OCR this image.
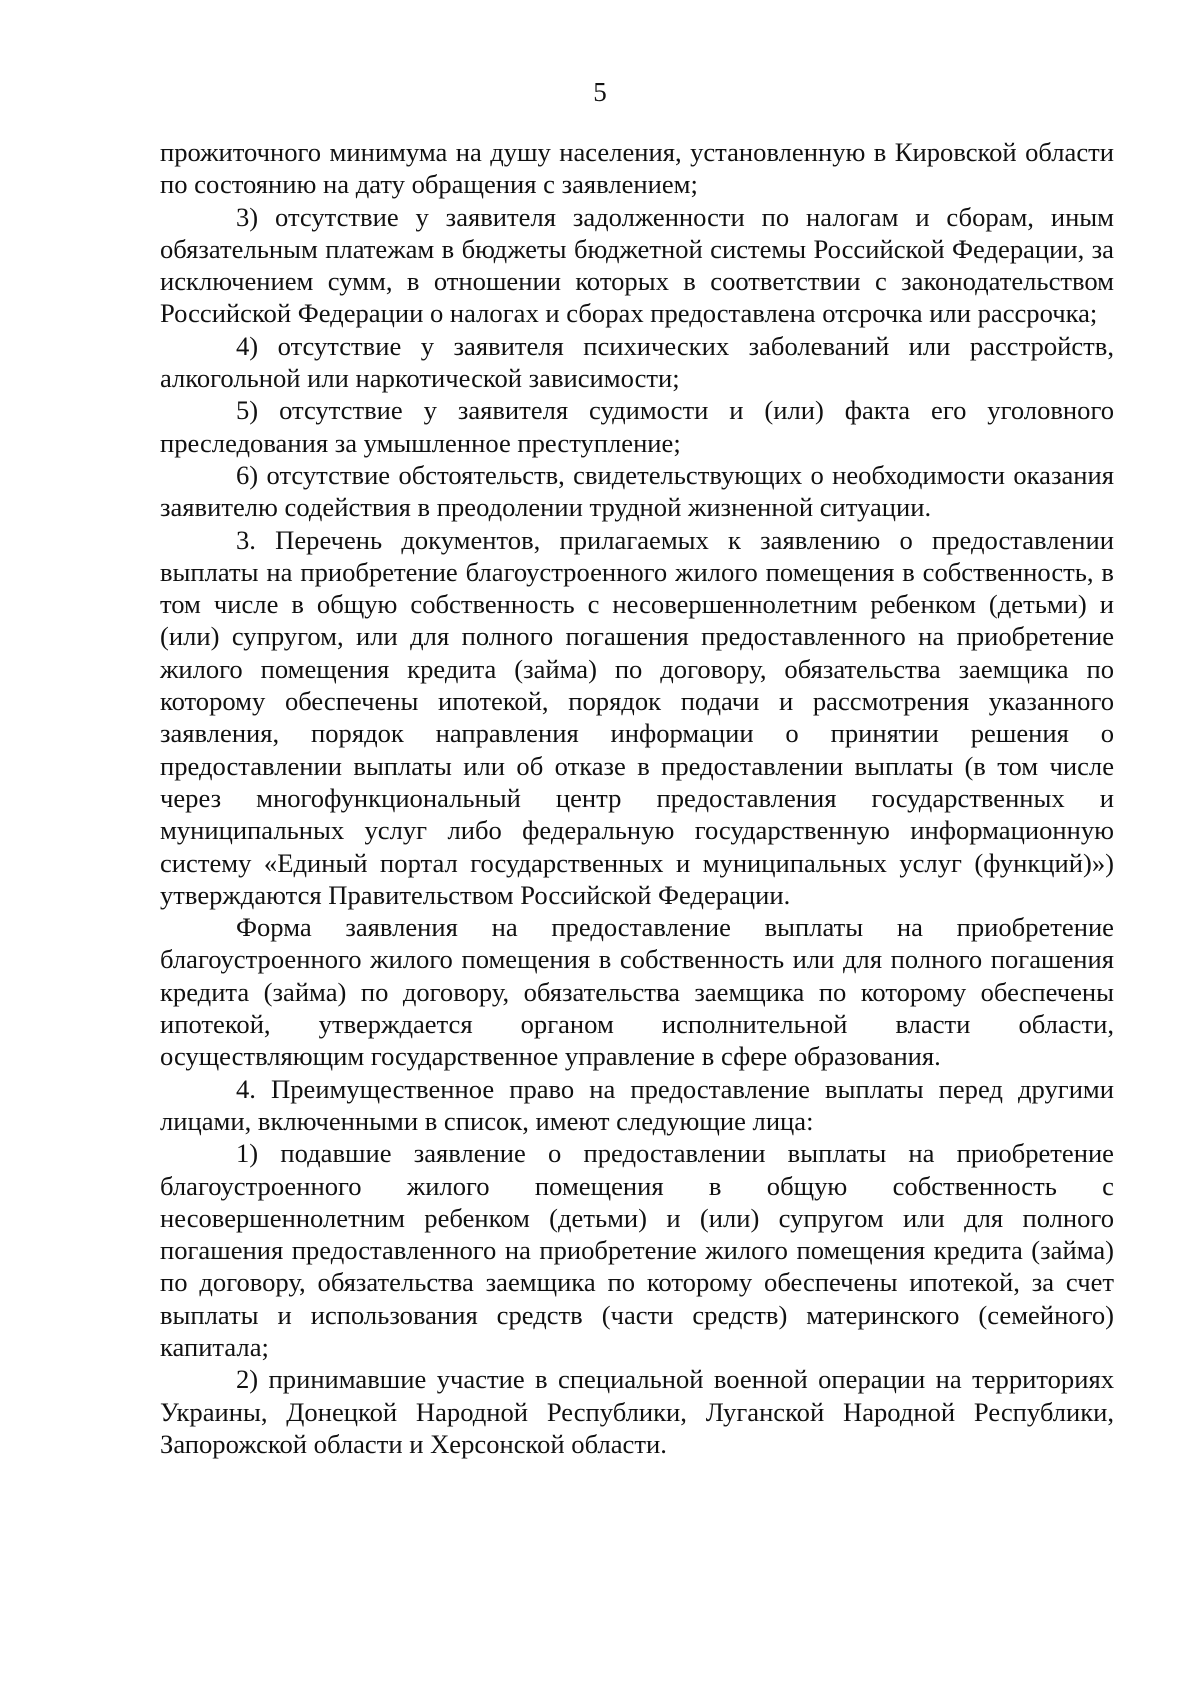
5

прожиточного минимума на душу населения, установленную в Кировской области по состоянию на дату обращения с заявлением;

3) отсутствие у заявителя задолженности по налогам и сборам, иным обязательным платежам в бюджеты бюджетной системы Российской Федерации, за исключением сумм, в отношении которых в соответствии с законодательством Российской Федерации о налогах и сборах предоставлена отсрочка или рассрочка;

4) отсутствие у заявителя психических заболеваний или расстройств, алкогольной или наркотической зависимости;

5) отсутствие у заявителя судимости и (или) факта его уголовного преследования за умышленное преступление;

6) отсутствие обстоятельств, свидетельствующих о необходимости оказания заявителю содействия в преодолении трудной жизненной ситуации.

3. Перечень документов, прилагаемых к заявлению о предоставлении выплаты на приобретение благоустроенного жилого помещения в собственность, в том числе в общую собственность с несовершеннолетним ребенком (детьми) и (или) супругом, или для полного погашения предоставленного на приобретение жилого помещения кредита (займа) по договору, обязательства заемщика по которому обеспечены ипотекой, порядок подачи и рассмотрения указанного заявления, порядок направления информации о принятии решения о предоставлении выплаты или об отказе в предоставлении выплаты (в том числе через многофункциональный центр предоставления государственных и муниципальных услуг либо федеральную государственную информационную систему «Единый портал государственных и муниципальных услуг (функций)») утверждаются Правительством Российской Федерации.

Форма заявления на предоставление выплаты на приобретение благоустроенного жилого помещения в собственность или для полного погашения кредита (займа) по договору, обязательства заемщика по которому обеспечены ипотекой, утверждается органом исполнительной власти области, осуществляющим государственное управление в сфере образования.

4. Преимущественное право на предоставление выплаты перед другими лицами, включенными в список, имеют следующие лица:

1) подавшие заявление о предоставлении выплаты на приобретение благоустроенного жилого помещения в общую собственность с несовершеннолетним ребенком (детьми) и (или) супругом или для полного погашения предоставленного на приобретение жилого помещения кредита (займа) по договору, обязательства заемщика по которому обеспечены ипотекой, за счет выплаты и использования средств (части средств) материнского (семейного) капитала;

2) принимавшие участие в специальной военной операции на территориях Украины, Донецкой Народной Республики, Луганской Народной Республики, Запорожской области и Херсонской области.
